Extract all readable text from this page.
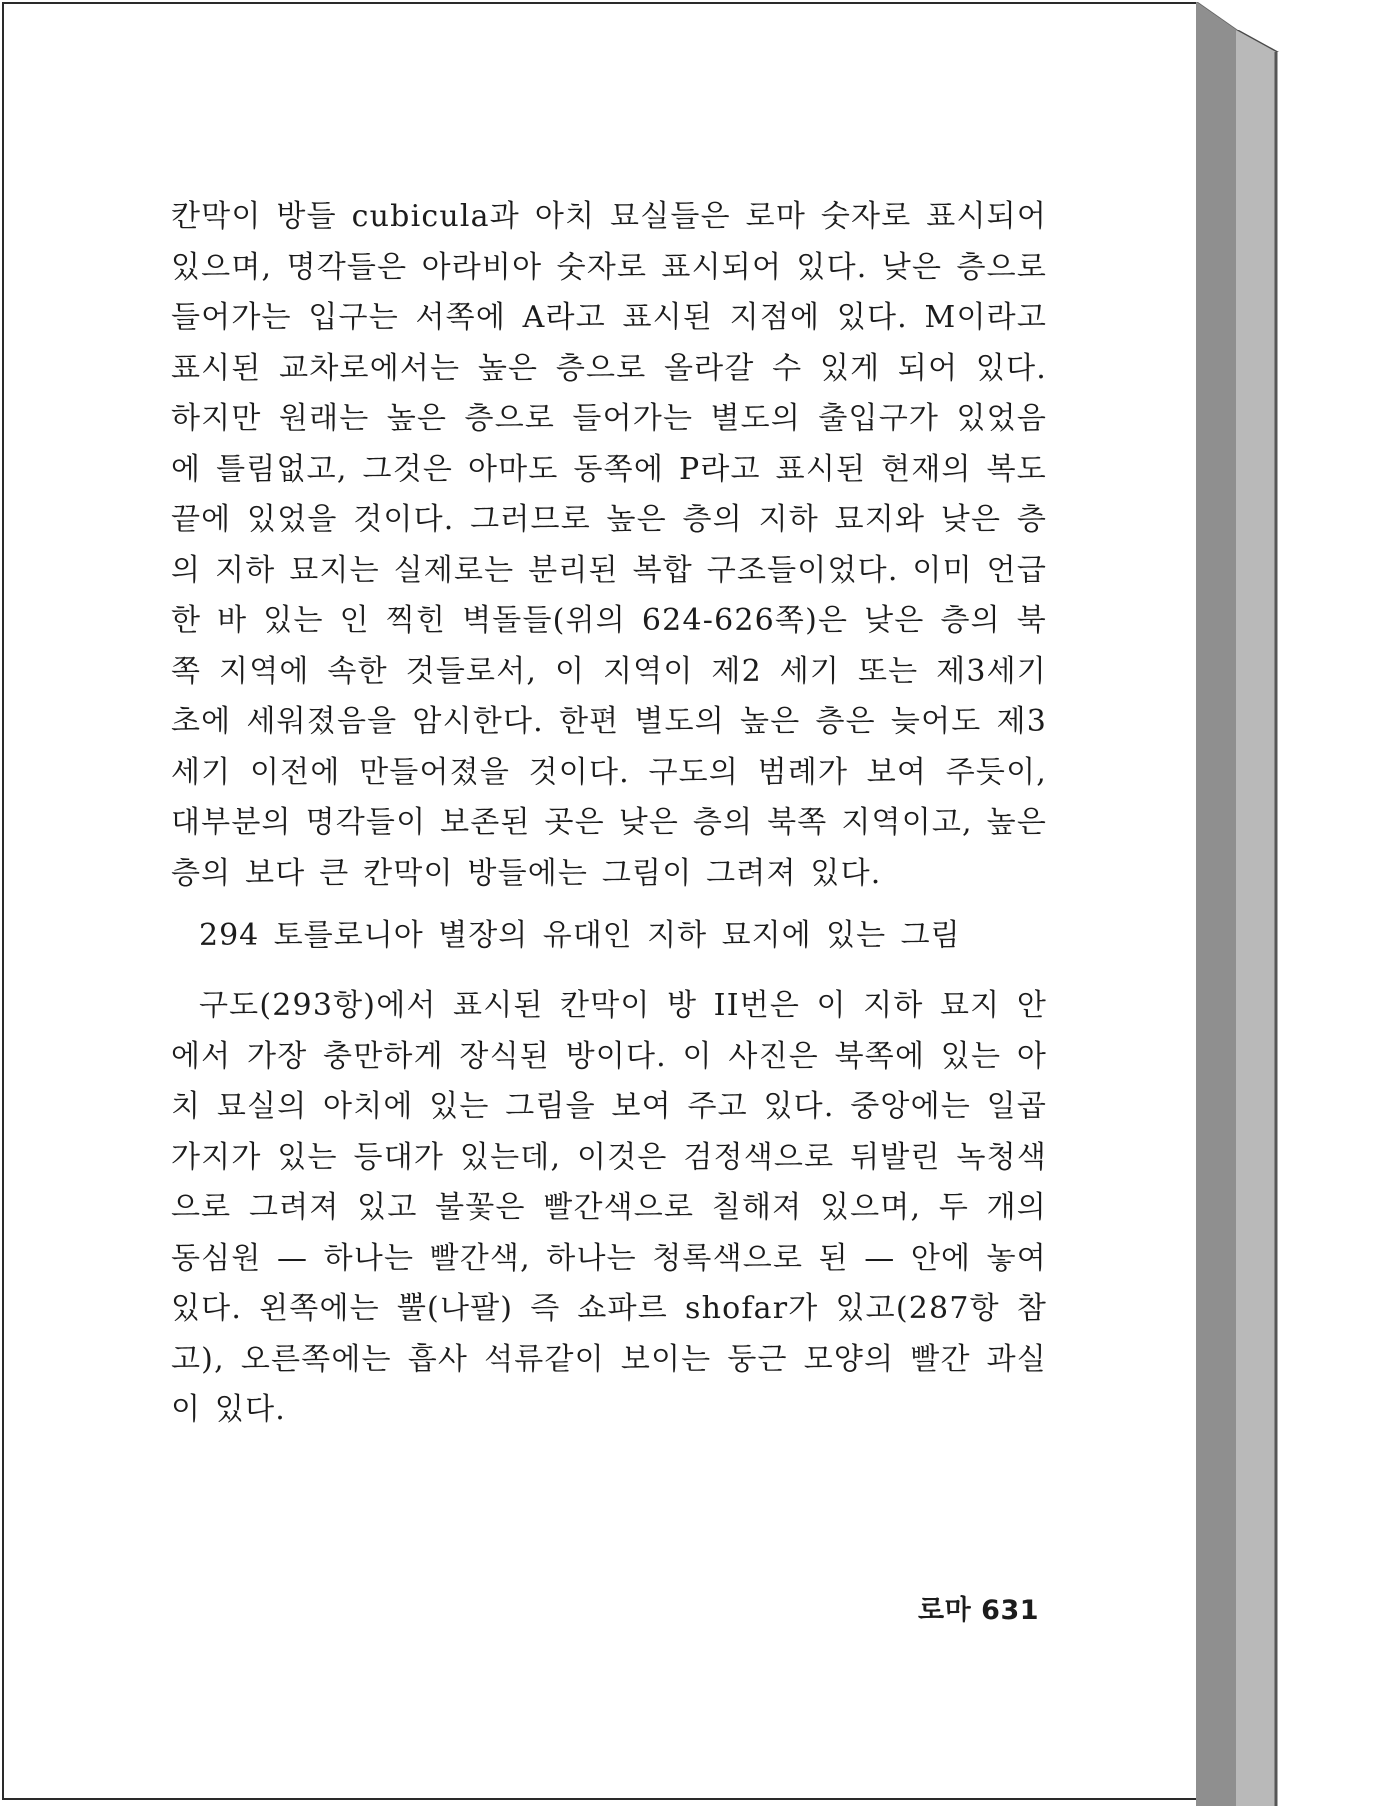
칸막이 방들 cubicula과 아치 묘실들은 로마 숫자로 표시되어 있으며, 명각들은 아라비아 숫자로 표시되어 있다. 낮은 층으로 들어가는 입구는 서쪽에 A라고 표시된 지점에 있다. M이라고 표시된 교차로에서는 높은 층으로 올라갈 수 있게 되어 있다. 하지만 원래는 높은 층으로 들어가는 별도의 출입구가 있었음에 틀림없고, 그것은 아마도 동쪽에 P라고 표시된 현재의 복도 끝에 있었을 것이다. 그러므로 높은 층의 지하 묘지와 낮은 층의 지하 묘지는 실제로는 분리된 복합 구조들이었다. 이미 언급한 바 있는 인 찍힌 벽돌들(위의 624-626쪽)은 낮은 층의 북쪽 지역에 속한 것들로서, 이 지역이 제2 세기 또는 제3세기 초에 세워졌음을 암시한다. 한편 별도의 높은 층은 늦어도 제3세기 이전에 만들어졌을 것이다. 구도의 범례가 보여 주듯이, 대부분의 명각들이 보존된 곳은 낮은 층의 북쪽 지역이고, 높은 층의 보다 큰 칸막이 방들에는 그림이 그려져 있다.

294 토를로니아 별장의 유대인 지하 묘지에 있는 그림

구도(293항)에서 표시된 칸막이 방 II번은 이 지하 묘지 안에서 가장 충만하게 장식된 방이다. 이 사진은 북쪽에 있는 아치 묘실의 아치에 있는 그림을 보여 주고 있다. 중앙에는 일곱 가지가 있는 등대가 있는데, 이것은 검정색으로 뒤발린 녹청색으로 그려져 있고 불꽃은 빨간색으로 칠해져 있으며, 두 개의 동심원 — 하나는 빨간색, 하나는 청록색으로 된 — 안에 놓여 있다. 왼쪽에는 뿔(나팔) 즉 쇼파르 shofar가 있고(287항 참고), 오른쪽에는 흡사 석류같이 보이는 둥근 모양의 빨간 과실이 있다.

로마 631
